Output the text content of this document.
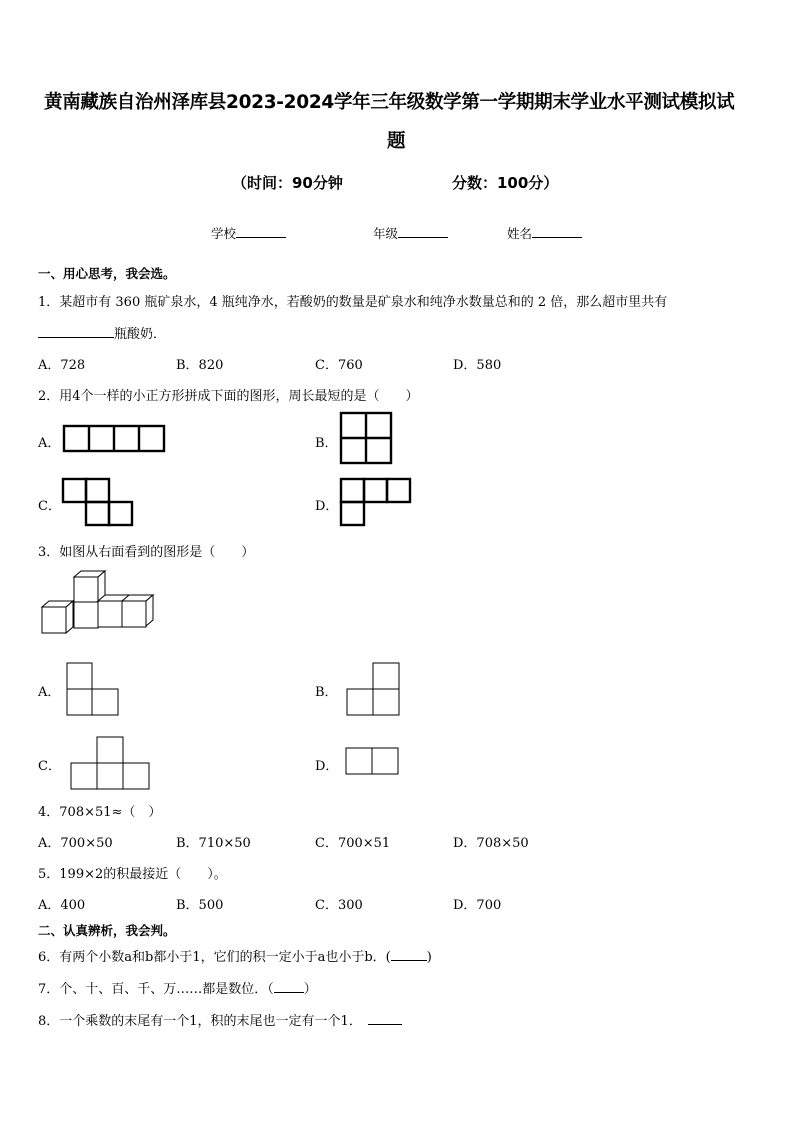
黄南藏族自治州泽库县2023-2024学年三年级数学第一学期期末学业水平测试模拟试
题
（时间：90分钟	分数：100分）
学校	年级	姓名
一、用心思考，我会选。
1．某超市有 360 瓶矿泉水，4 瓶纯净水，若酸奶的数量是矿泉水和纯净水数量总和的 2 倍，那么超市里共有
瓶酸奶．
A．728	B．820	C．760	D．580
2．用4个一样的小正方形拼成下面的图形，周长最短的是（　　）
A．	B．
C．	D．
3．如图从右面看到的图形是（　　）
A．	B．
C．	D．
4．708×51≈（　）
A．700×50	B．710×50	C．700×51	D．708×50
5．199×2的积最接近（　　）。
A．400	B．500	C．300	D．700
二、认真辨析，我会判。
6．有两个小数a和b都小于1，它们的积一定小于a也小于b．(	)
7．个、十、百、千、万……都是数位．（ ）
8．一个乘数的末尾有一个1，积的末尾也一定有一个1．
